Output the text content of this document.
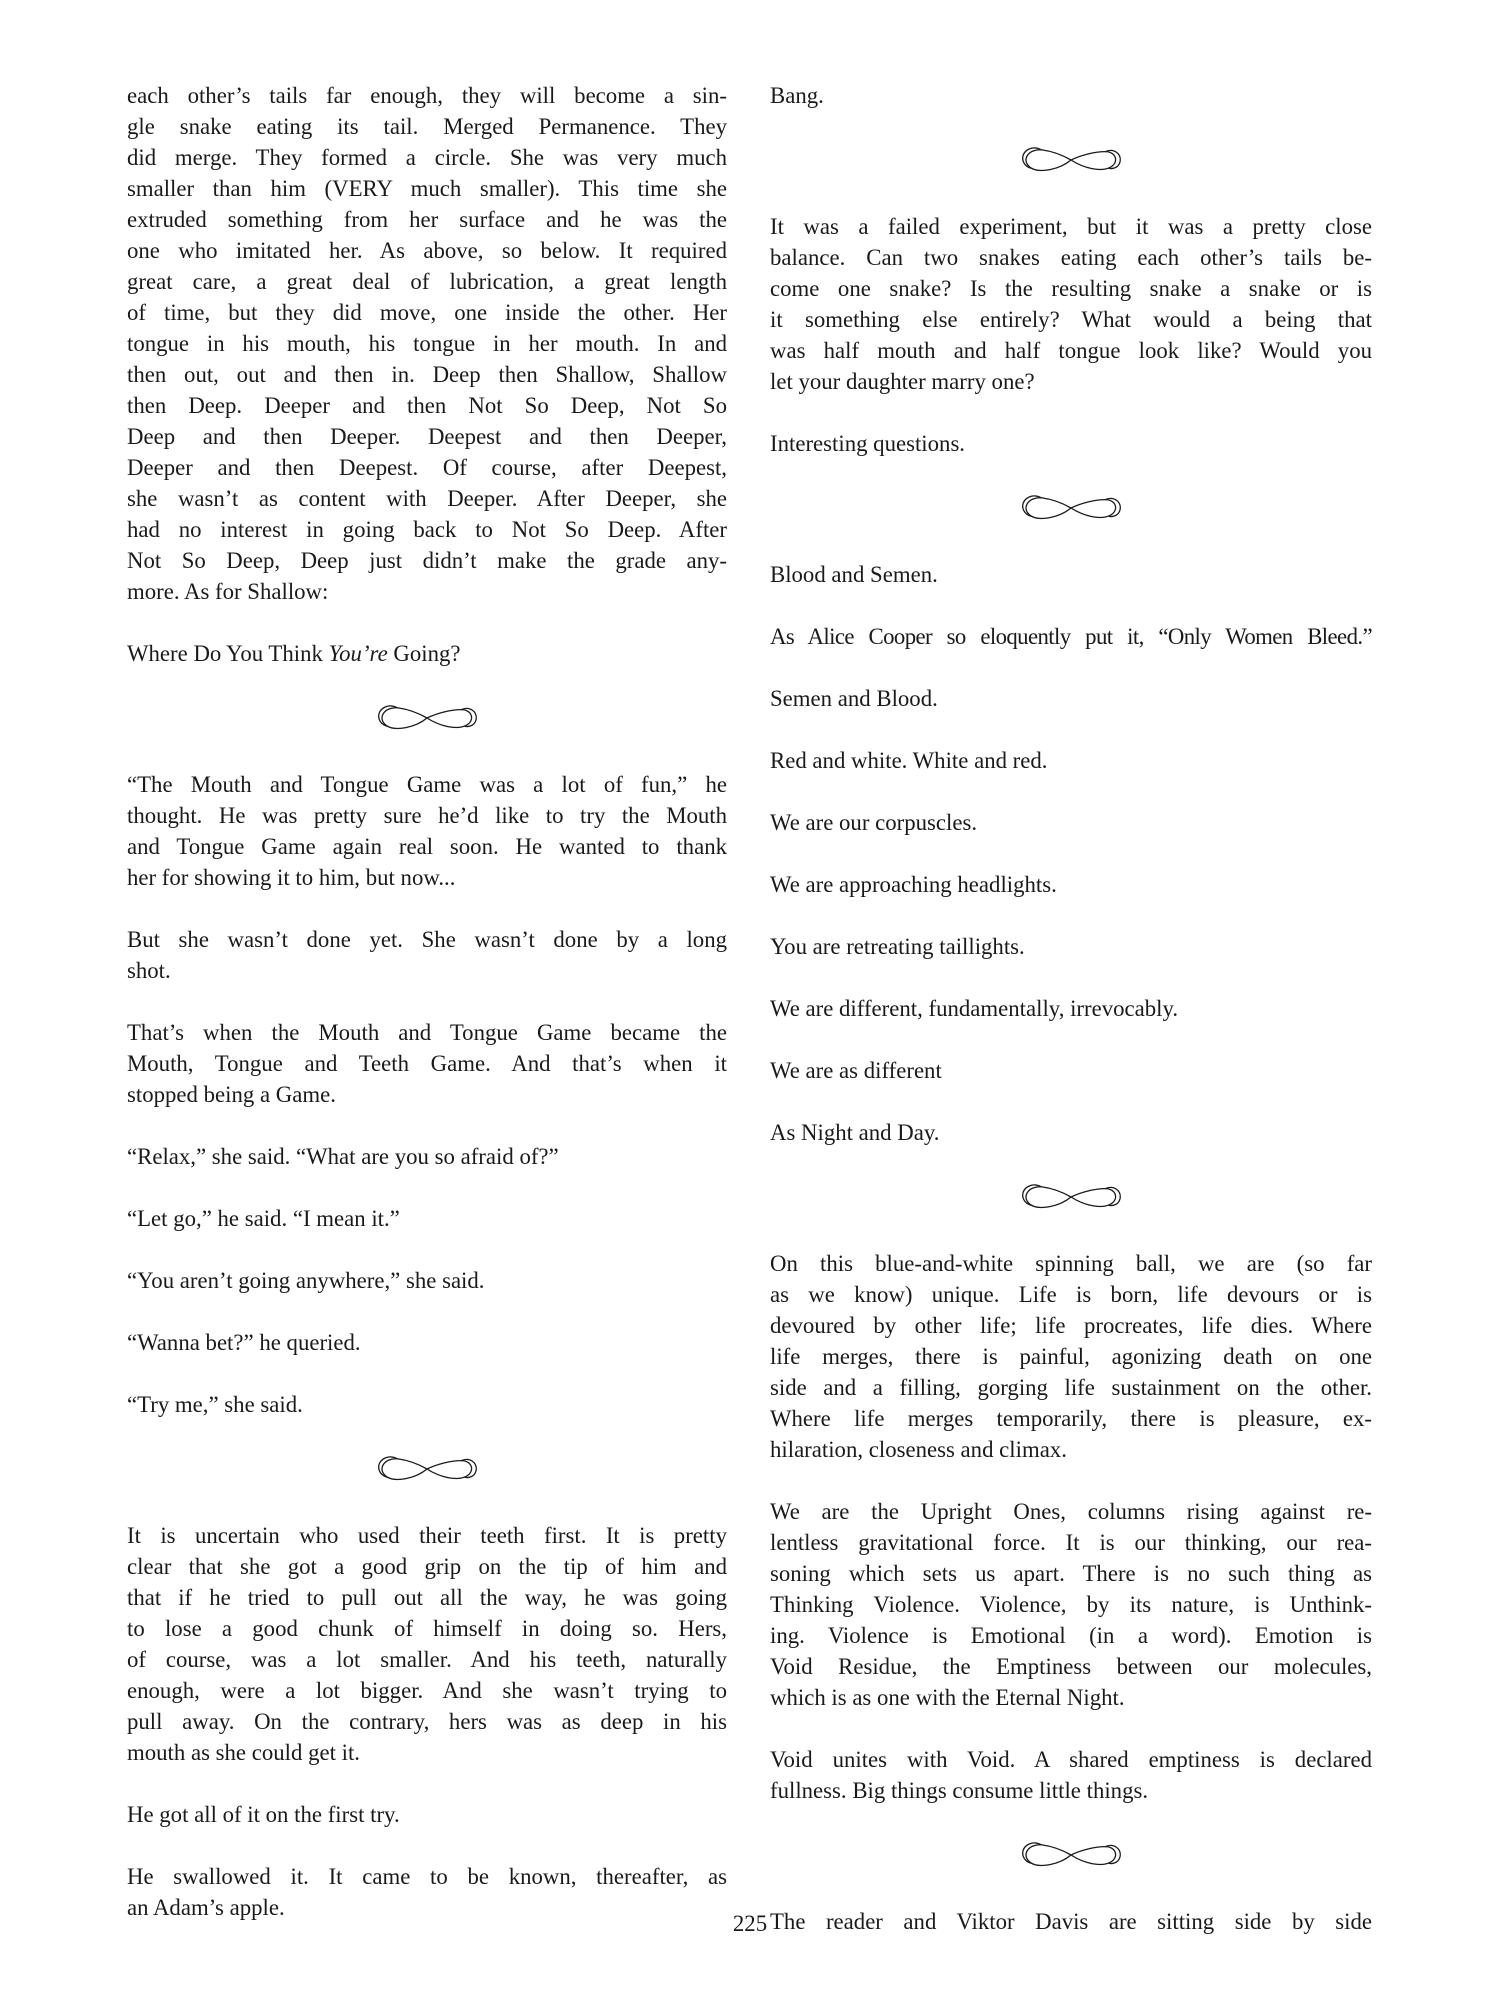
each other’s tails far enough, they will become a sin-
gle snake eating its tail. Merged Permanence. They
did merge. They formed a circle. She was very much
smaller than him (VERY much smaller). This time she
extruded something from her surface and he was the
one who imitated her. As above, so below. It required
great care, a great deal of lubrication, a great length
of time, but they did move, one inside the other. Her
tongue in his mouth, his tongue in her mouth. In and
then out, out and then in. Deep then Shallow, Shallow
then Deep. Deeper and then Not So Deep, Not So
Deep and then Deeper. Deepest and then Deeper,
Deeper and then Deepest. Of course, after Deepest,
she wasn’t as content with Deeper. After Deeper, she
had no interest in going back to Not So Deep. After
Not So Deep, Deep just didn’t make the grade any-
more. As for Shallow:
Where Do You Think You’re Going?
“The Mouth and Tongue Game was a lot of fun,” he
thought. He was pretty sure he’d like to try the Mouth
and Tongue Game again real soon. He wanted to thank
her for showing it to him, but now...
But she wasn’t done yet. She wasn’t done by a long
shot.
That’s when the Mouth and Tongue Game became the
Mouth, Tongue and Teeth Game. And that’s when it
stopped being a Game.
“Relax,” she said. “What are you so afraid of?”
“Let go,” he said. “I mean it.”
“You aren’t going anywhere,” she said.
“Wanna bet?” he queried.
“Try me,” she said.
It is uncertain who used their teeth first. It is pretty
clear that she got a good grip on the tip of him and
that if he tried to pull out all the way, he was going
to lose a good chunk of himself in doing so. Hers,
of course, was a lot smaller. And his teeth, naturally
enough, were a lot bigger. And she wasn’t trying to
pull away. On the contrary, hers was as deep in his
mouth as she could get it.
He got all of it on the first try.
He swallowed it. It came to be known, thereafter, as
an Adam’s apple.
Bang.
It was a failed experiment, but it was a pretty close
balance. Can two snakes eating each other’s tails be-
come one snake? Is the resulting snake a snake or is
it something else entirely? What would a being that
was half mouth and half tongue look like? Would you
let your daughter marry one?
Interesting questions.
Blood and Semen.
As Alice Cooper so eloquently put it, “Only Women Bleed.”
Semen and Blood.
Red and white. White and red.
We are our corpuscles.
We are approaching headlights.
You are retreating taillights.
We are different, fundamentally, irrevocably.
We are as different
As Night and Day.
On this blue-and-white spinning ball, we are (so far
as we know) unique. Life is born, life devours or is
devoured by other life; life procreates, life dies. Where
life merges, there is painful, agonizing death on one
side and a filling, gorging life sustainment on the other.
Where life merges temporarily, there is pleasure, ex-
hilaration, closeness and climax.
We are the Upright Ones, columns rising against re-
lentless gravitational force. It is our thinking, our rea-
soning which sets us apart. There is no such thing as
Thinking Violence. Violence, by its nature, is Unthink-
ing. Violence is Emotional (in a word). Emotion is
Void Residue, the Emptiness between our molecules,
which is as one with the Eternal Night.
Void unites with Void. A shared emptiness is declared
fullness. Big things consume little things.
The reader and Viktor Davis are sitting side by side
225
